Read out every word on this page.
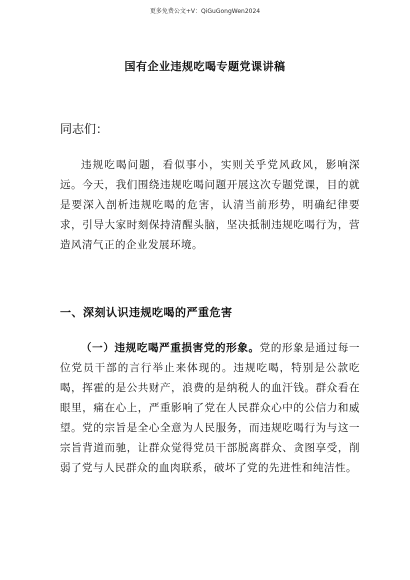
更多免费公文+V：QiGuGongWen2024
国有企业违规吃喝专题党课讲稿
同志们：

违规吃喝问题，看似事小，实则关乎党风政风，影响深远。今天，我们围绕违规吃喝问题开展这次专题党课，目的就是要深入剖析违规吃喝的危害，认清当前形势，明确纪律要求，引导大家时刻保持清醒头脑，坚决抵制违规吃喝行为，营造风清气正的企业发展环境。

一、深刻认识违规吃喝的严重危害

（一）违规吃喝严重损害党的形象。党的形象是通过每一位党员干部的言行举止来体现的。违规吃喝，特别是公款吃喝，挥霍的是公共财产，浪费的是纳税人的血汗钱。群众看在眼里，痛在心上，严重影响了党在人民群众心中的公信力和威望。党的宗旨是全心全意为人民服务，而违规吃喝行为与这一宗旨背道而驰，让群众觉得党员干部脱离群众、贪图享受，削弱了党与人民群众的血肉联系，破坏了党的先进性和纯洁性。
